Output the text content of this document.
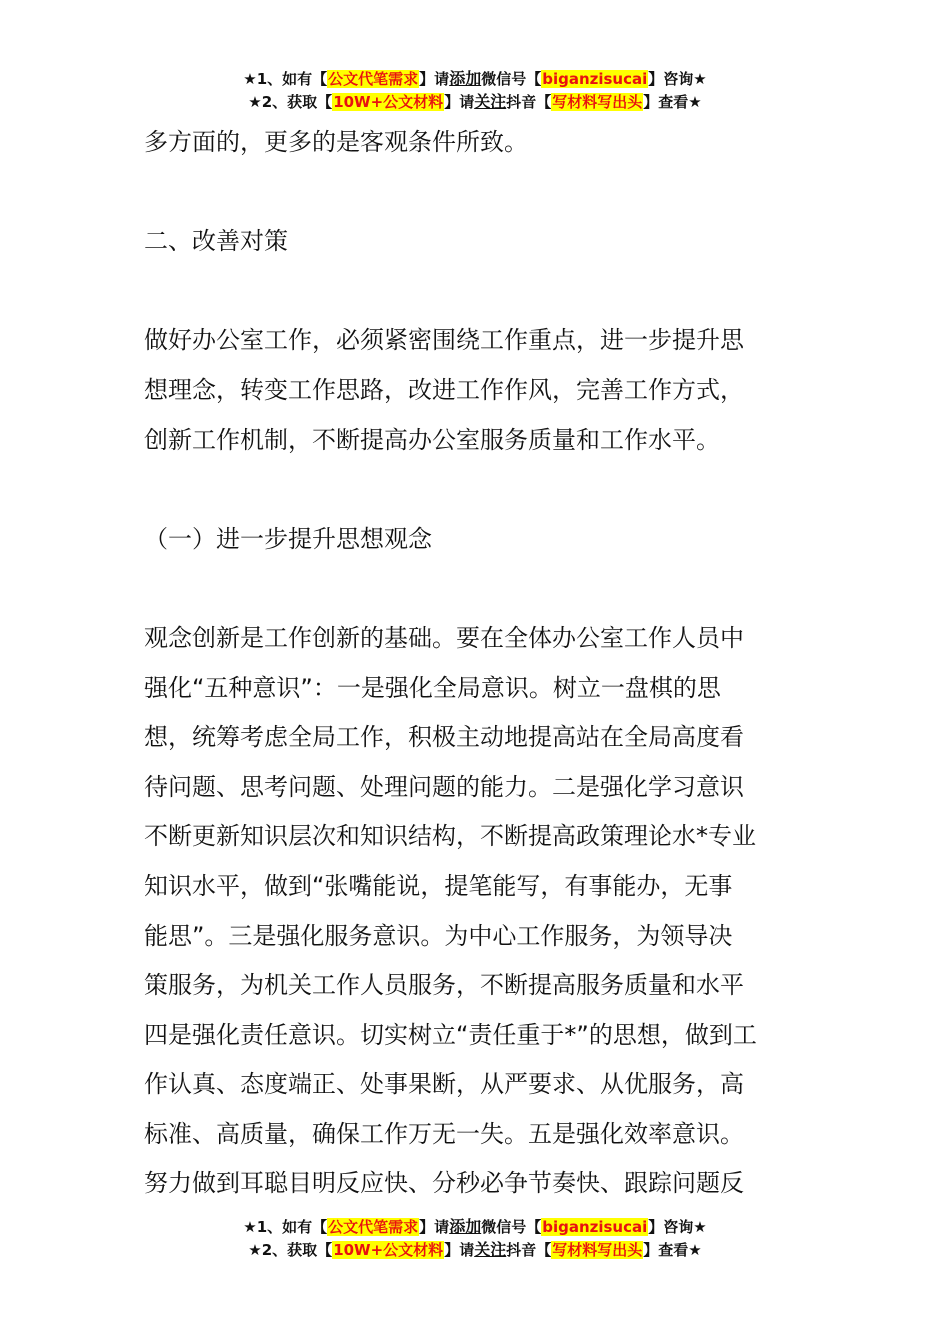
★1、如有【公文代笔需求】请添加微信号【biganzisucai】咨询★
★2、获取【10W+公文材料】请关注抖音【写材料写出头】查看★

多方面的，更多的是客观条件所致。

二、改善对策

做好办公室工作，必须紧密围绕工作重点，进一步提升思

想理念，转变工作思路，改进工作作风，完善工作方式，

创新工作机制，不断提高办公室服务质量和工作水平。

（一）进一步提升思想观念

观念创新是工作创新的基础。要在全体办公室工作人员中

强化“五种意识”：一是强化全局意识。树立一盘棋的思

想，统筹考虑全局工作，积极主动地提高站在全局高度看

待问题、思考问题、处理问题的能力。二是强化学习意识

不断更新知识层次和知识结构，不断提高政策理论水*专业

知识水平，做到“张嘴能说，提笔能写，有事能办，无事

能思”。三是强化服务意识。为中心工作服务，为领导决

策服务，为机关工作人员服务，不断提高服务质量和水平

四是强化责任意识。切实树立“责任重于*”的思想，做到工

作认真、态度端正、处事果断，从严要求、从优服务，高

标准、高质量，确保工作万无一失。五是强化效率意识。

努力做到耳聪目明反应快、分秒必争节奏快、跟踪问题反

★1、如有【公文代笔需求】请添加微信号【biganzisucai】咨询★
★2、获取【10W+公文材料】请关注抖音【写材料写出头】查看★
